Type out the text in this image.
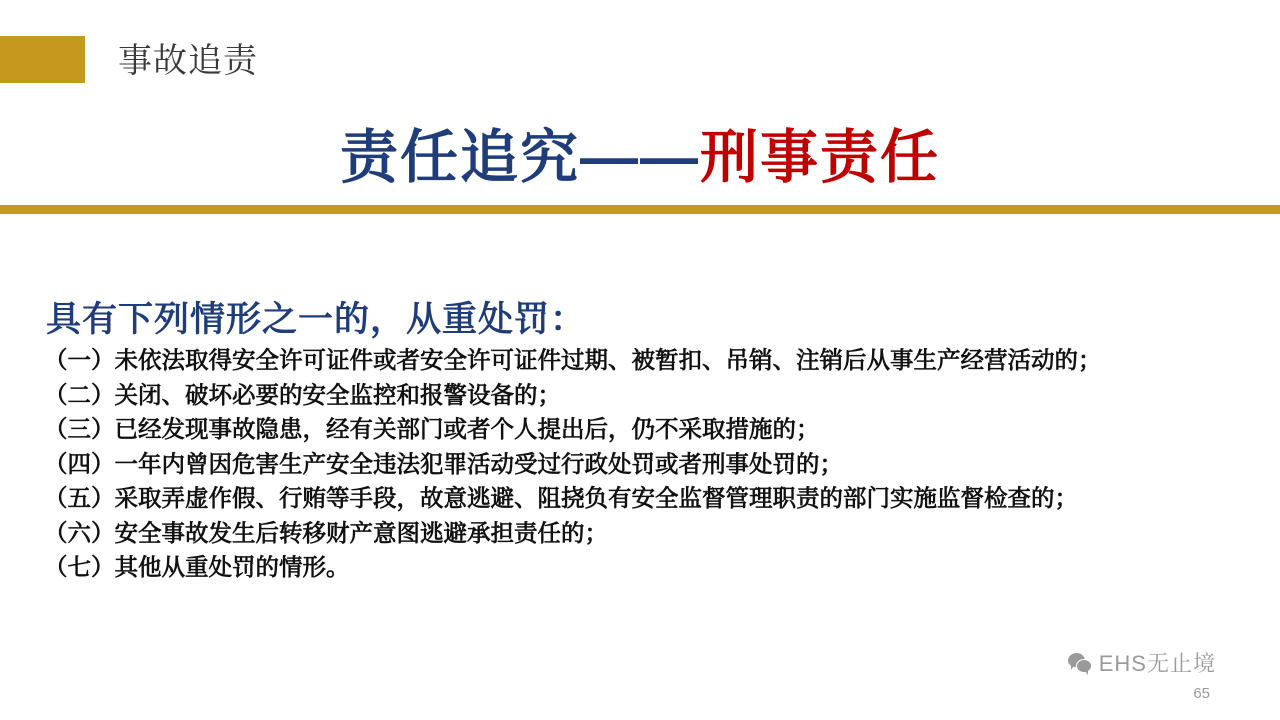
事故追责
责任追究——刑事责任
具有下列情形之一的，从重处罚：

（一）未依法取得安全许可证件或者安全许可证件过期、被暂扣、吊销、注销后从事生产经营活动的；

（二）关闭、破坏必要的安全监控和报警设备的；

（三）已经发现事故隐患，经有关部门或者个人提出后，仍不采取措施的；

（四）一年内曾因危害生产安全违法犯罪活动受过行政处罚或者刑事处罚的；

（五）采取弄虚作假、行贿等手段，故意逃避、阻挠负有安全监督管理职责的部门实施监督检查的；

（六）安全事故发生后转移财产意图逃避承担责任的；

（七）其他从重处罚的情形。

EHS无止境
65
